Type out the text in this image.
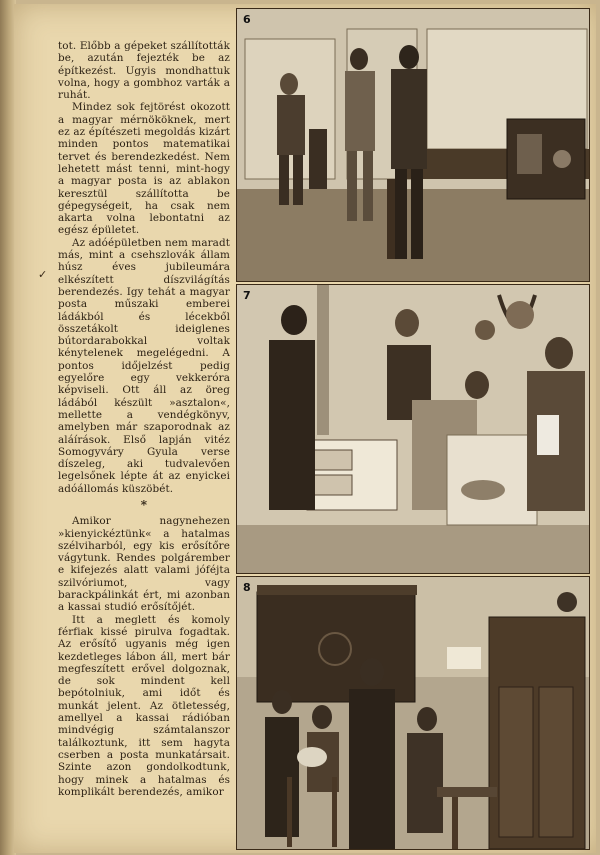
✓

tot. Előbb a gépeket szállították be, azután fejezték be az építkezést. Ugyis mondhattuk volna, hogy a gombhoz varták a ruhát.

Mindez sok fejtörést okozott a magyar mérnököknek, mert ez az építészeti megoldás kizárt minden pontos matematikai tervet és berendezkedést. Nem lehetett mást tenni, mint-hogy a magyar posta is az ablakon keresztül szállította be gépegységeit, ha csak nem akarta volna lebontatni az egész épületet.

Az adóépületben nem maradt más, mint a csehszlovák állam húsz éves jubileumára elkészített díszvilágítás berendezés. Igy tehát a magyar posta műszaki emberei ládákból és lécekből összetákolt ideiglenes bútordarabokkal voltak kénytelenek megelégedni. A pontos időjelzést pedig egyelőre egy vekkeróra képviseli. Ott áll az öreg ládából készült »asztalon«, mellette a vendégkönyv, amelyben már szaporodnak az aláírások. Első lapján vitéz Somogyváry Gyula verse díszeleg, aki tudvalevően legelsőnek lépte át az enyickei adóállomás küszöbét.

*

Amikor nagynehezen »kienyickéztünk« a hatalmas szélviharból, egy kis erősítőre vágytunk. Rendes polgárember e kifejezés alatt valami jóféjta szilvóriumot, vagy barackpálinkát ért, mi azonban a kassai studió erősítőjét.

Itt a meglett és komoly férfiak kissé pirulva fogadtak. Az erősítő ugyanis még igen kezdetleges lábon áll, mert bár megfeszített erővel dolgoznak, de sok mindent kell bepótolniuk, ami időt és munkát jelent. Az ötletesség, amellyel a kassai rádióban mindvégig számtalanszor találkoztunk, itt sem hagyta cserben a posta munkatársait. Szinte azon gondolkodtunk, hogy minek a hatalmas és komplikált berendezés, amikor

6
7
8
